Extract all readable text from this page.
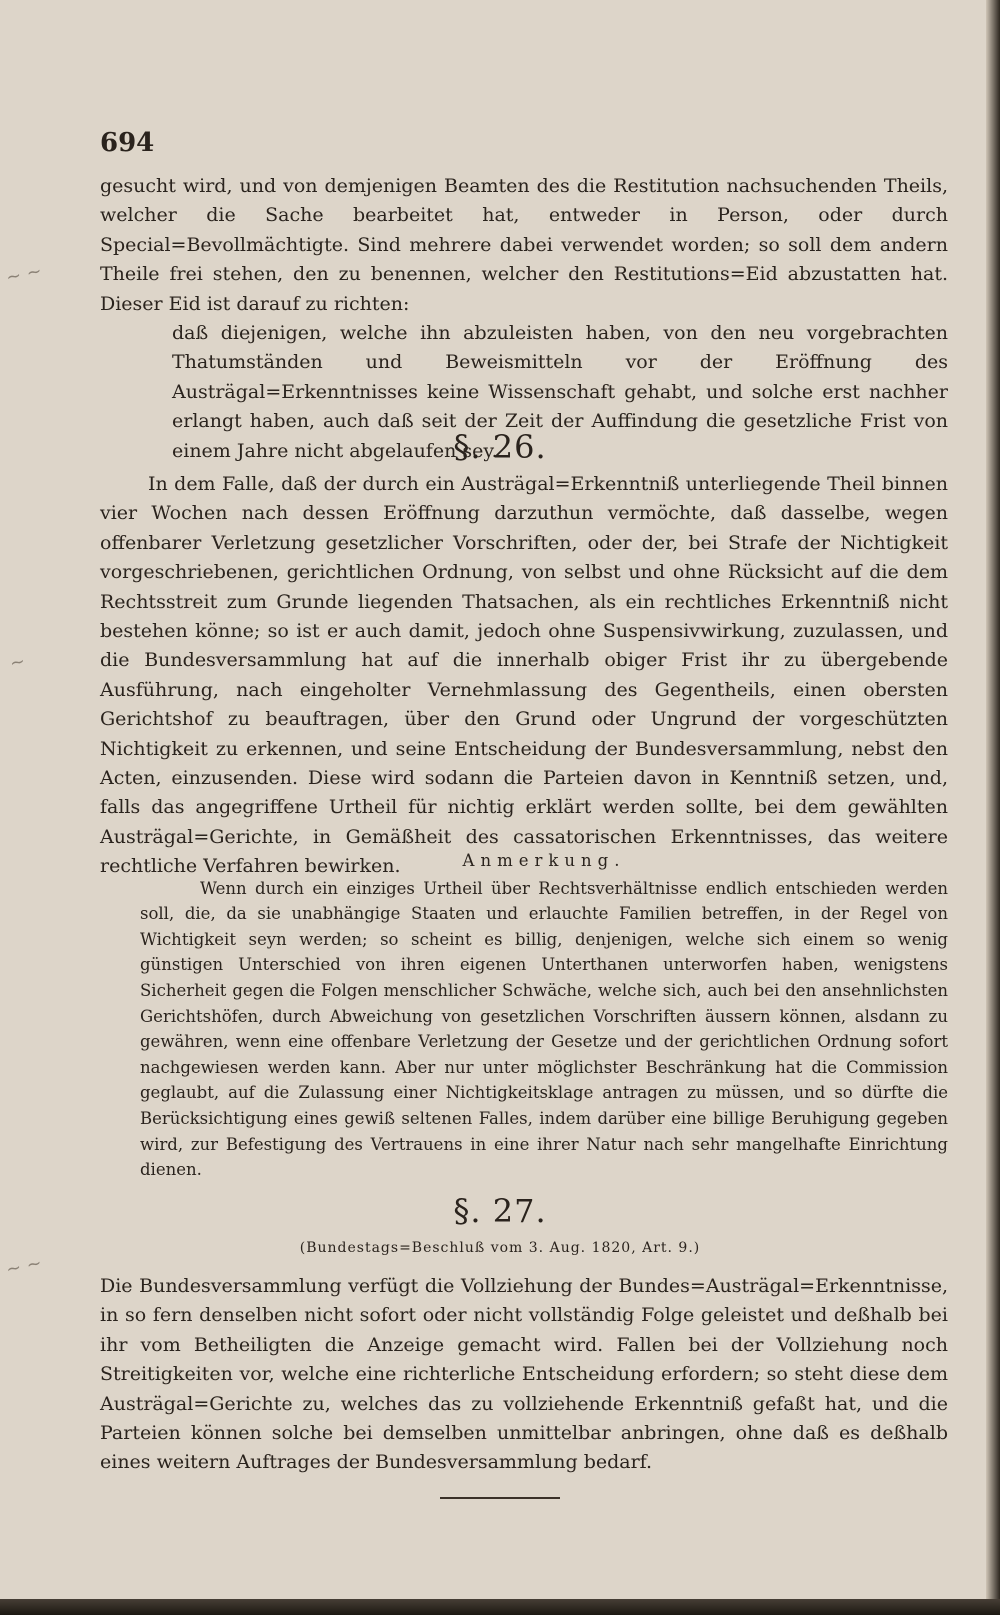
~ ~
~
~ ~
694

gesucht wird, und von demjenigen Beamten des die Restitution nachsuchenden Theils, welcher die Sache bearbeitet hat, entweder in Person, oder durch Special=Bevollmächtigte. Sind mehrere dabei verwendet worden; so soll dem andern Theile frei stehen, den zu benennen, welcher den Restitutions=Eid abzustatten hat. Dieser Eid ist darauf zu richten:

daß diejenigen, welche ihn abzuleisten haben, von den neu vorgebrachten Thatumständen und Beweismitteln vor der Eröffnung des Austrägal=Erkenntnisses keine Wissenschaft gehabt, und solche erst nachher erlangt haben, auch daß seit der Zeit der Auffindung die gesetzliche Frist von einem Jahre nicht abgelaufen sey.

§. 26.

In dem Falle, daß der durch ein Austrägal=Erkenntniß unterliegende Theil binnen vier Wochen nach dessen Eröffnung darzuthun vermöchte, daß dasselbe, wegen offenbarer Verletzung gesetzlicher Vorschriften, oder der, bei Strafe der Nichtigkeit vorgeschriebenen, gerichtlichen Ordnung, von selbst und ohne Rücksicht auf die dem Rechtsstreit zum Grunde liegenden Thatsachen, als ein rechtliches Erkenntniß nicht bestehen könne; so ist er auch damit, jedoch ohne Suspensivwirkung, zuzulassen, und die Bundesversammlung hat auf die innerhalb obiger Frist ihr zu übergebende Ausführung, nach eingeholter Vernehmlassung des Gegentheils, einen obersten Gerichtshof zu beauftragen, über den Grund oder Ungrund der vorgeschützten Nichtigkeit zu erkennen, und seine Entscheidung der Bundesversammlung, nebst den Acten, einzusenden. Diese wird sodann die Parteien davon in Kenntniß setzen, und, falls das angegriffene Urtheil für nichtig erklärt werden sollte, bei dem gewählten Austrägal=Gerichte, in Gemäßheit des cassatorischen Erkenntnisses, das weitere rechtliche Verfahren bewirken.	Anmerkung.

Wenn durch ein einziges Urtheil über Rechtsverhältnisse endlich entschieden werden soll, die, da sie unabhängige Staaten und erlauchte Familien betreffen, in der Regel von Wichtigkeit seyn werden; so scheint es billig, denjenigen, welche sich einem so wenig günstigen Unterschied von ihren eigenen Unterthanen unterworfen haben, wenigstens Sicherheit gegen die Folgen menschlicher Schwäche, welche sich, auch bei den ansehnlichsten Gerichtshöfen, durch Abweichung von gesetzlichen Vorschriften äussern können, alsdann zu gewähren, wenn eine offenbare Verletzung der Gesetze und der gerichtlichen Ordnung sofort nachgewiesen werden kann. Aber nur unter möglichster Beschränkung hat die Commission geglaubt, auf die Zulassung einer Nichtigkeitsklage antragen zu müssen, und so dürfte die Berücksichtigung eines gewiß seltenen Falles, indem darüber eine billige Beruhigung gegeben wird, zur Befestigung des Vertrauens in eine ihrer Natur nach sehr mangelhafte Einrichtung dienen.

§. 27.
(Bundestags=Beschluß vom 3. Aug. 1820, Art. 9.)

Die Bundesversammlung verfügt die Vollziehung der Bundes=Austrägal=Erkenntnisse, in so fern denselben nicht sofort oder nicht vollständig Folge geleistet und deßhalb bei ihr vom Betheiligten die Anzeige gemacht wird. Fallen bei der Vollziehung noch Streitigkeiten vor, welche eine richterliche Entscheidung erfordern; so steht diese dem Austrägal=Gerichte zu, welches das zu vollziehende Erkenntniß gefaßt hat, und die Parteien können solche bei demselben unmittelbar anbringen, ohne daß es deßhalb eines weitern Auftrages der Bundesversammlung bedarf.
